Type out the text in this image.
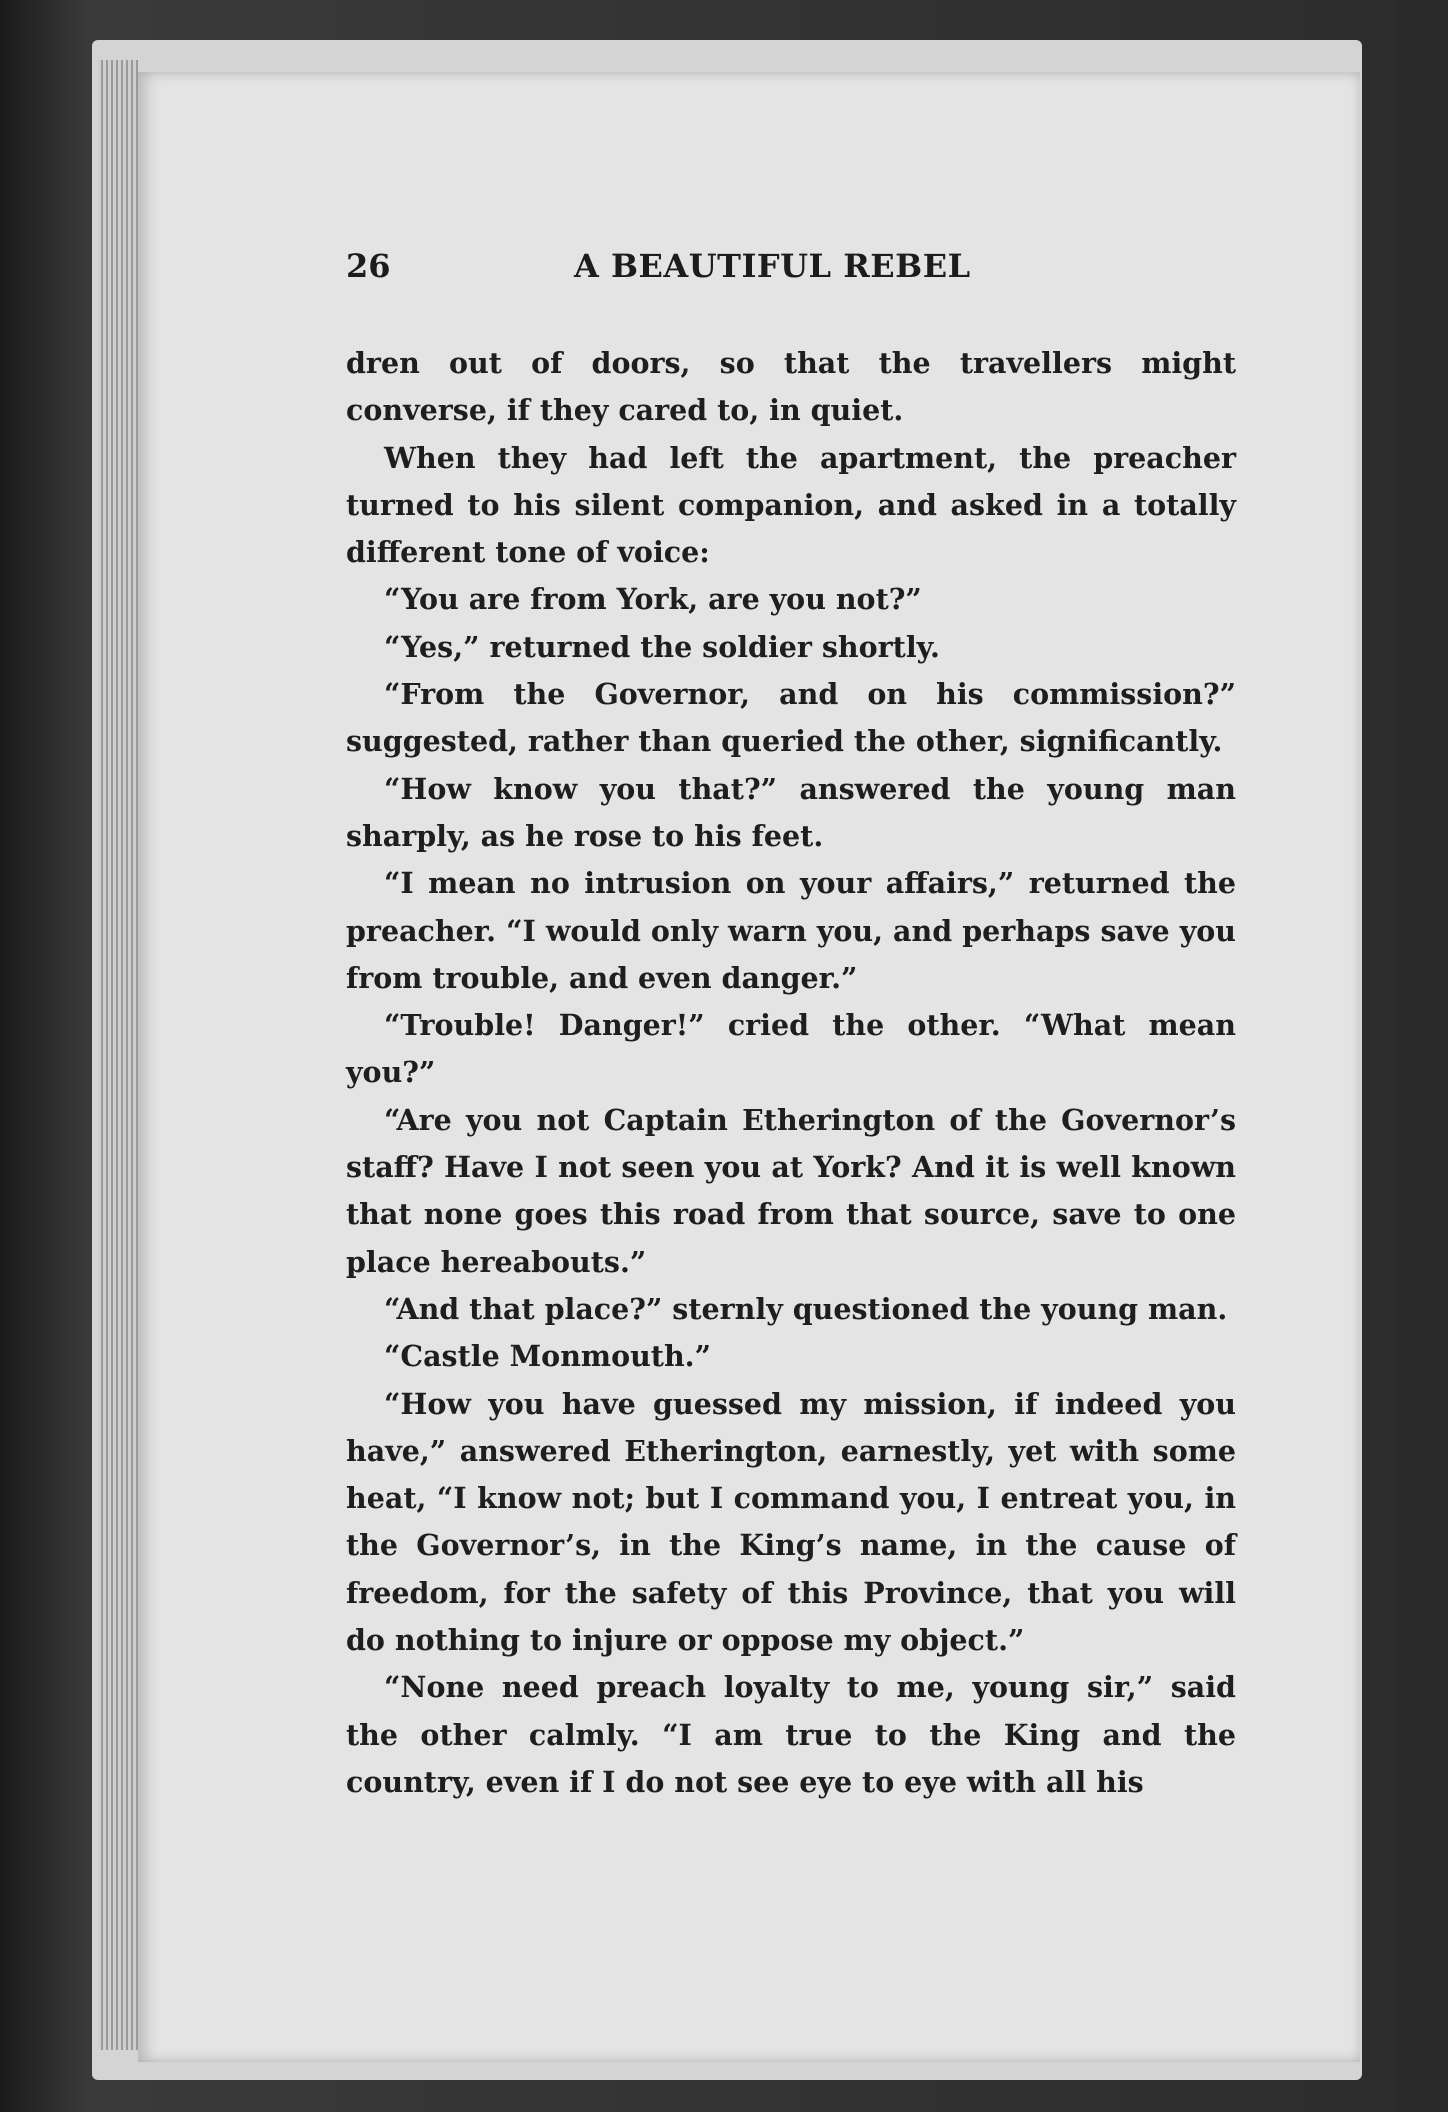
26	A BEAUTIFUL REBEL

dren out of doors, so that the travellers might converse, if they cared to, in quiet.

When they had left the apartment, the preacher turned to his silent companion, and asked in a totally different tone of voice:

“You are from York, are you not?”

“Yes,” returned the soldier shortly.

“From the Governor, and on his commission?” suggested, rather than queried the other, significantly.

“How know you that?” answered the young man sharply, as he rose to his feet.

“I mean no intrusion on your affairs,” returned the preacher. “I would only warn you, and perhaps save you from trouble, and even danger.”

“Trouble! Danger!” cried the other. “What mean you?”

“Are you not Captain Etherington of the Governor’s staff? Have I not seen you at York? And it is well known that none goes this road from that source, save to one place hereabouts.”

“And that place?” sternly questioned the young man.

“Castle Monmouth.”

“How you have guessed my mission, if indeed you have,” answered Etherington, earnestly, yet with some heat, “I know not; but I command you, I entreat you, in the Governor’s, in the King’s name, in the cause of freedom, for the safety of this Province, that you will do nothing to injure or oppose my object.”

“None need preach loyalty to me, young sir,” said the other calmly. “I am true to the King and the country, even if I do not see eye to eye with all his
